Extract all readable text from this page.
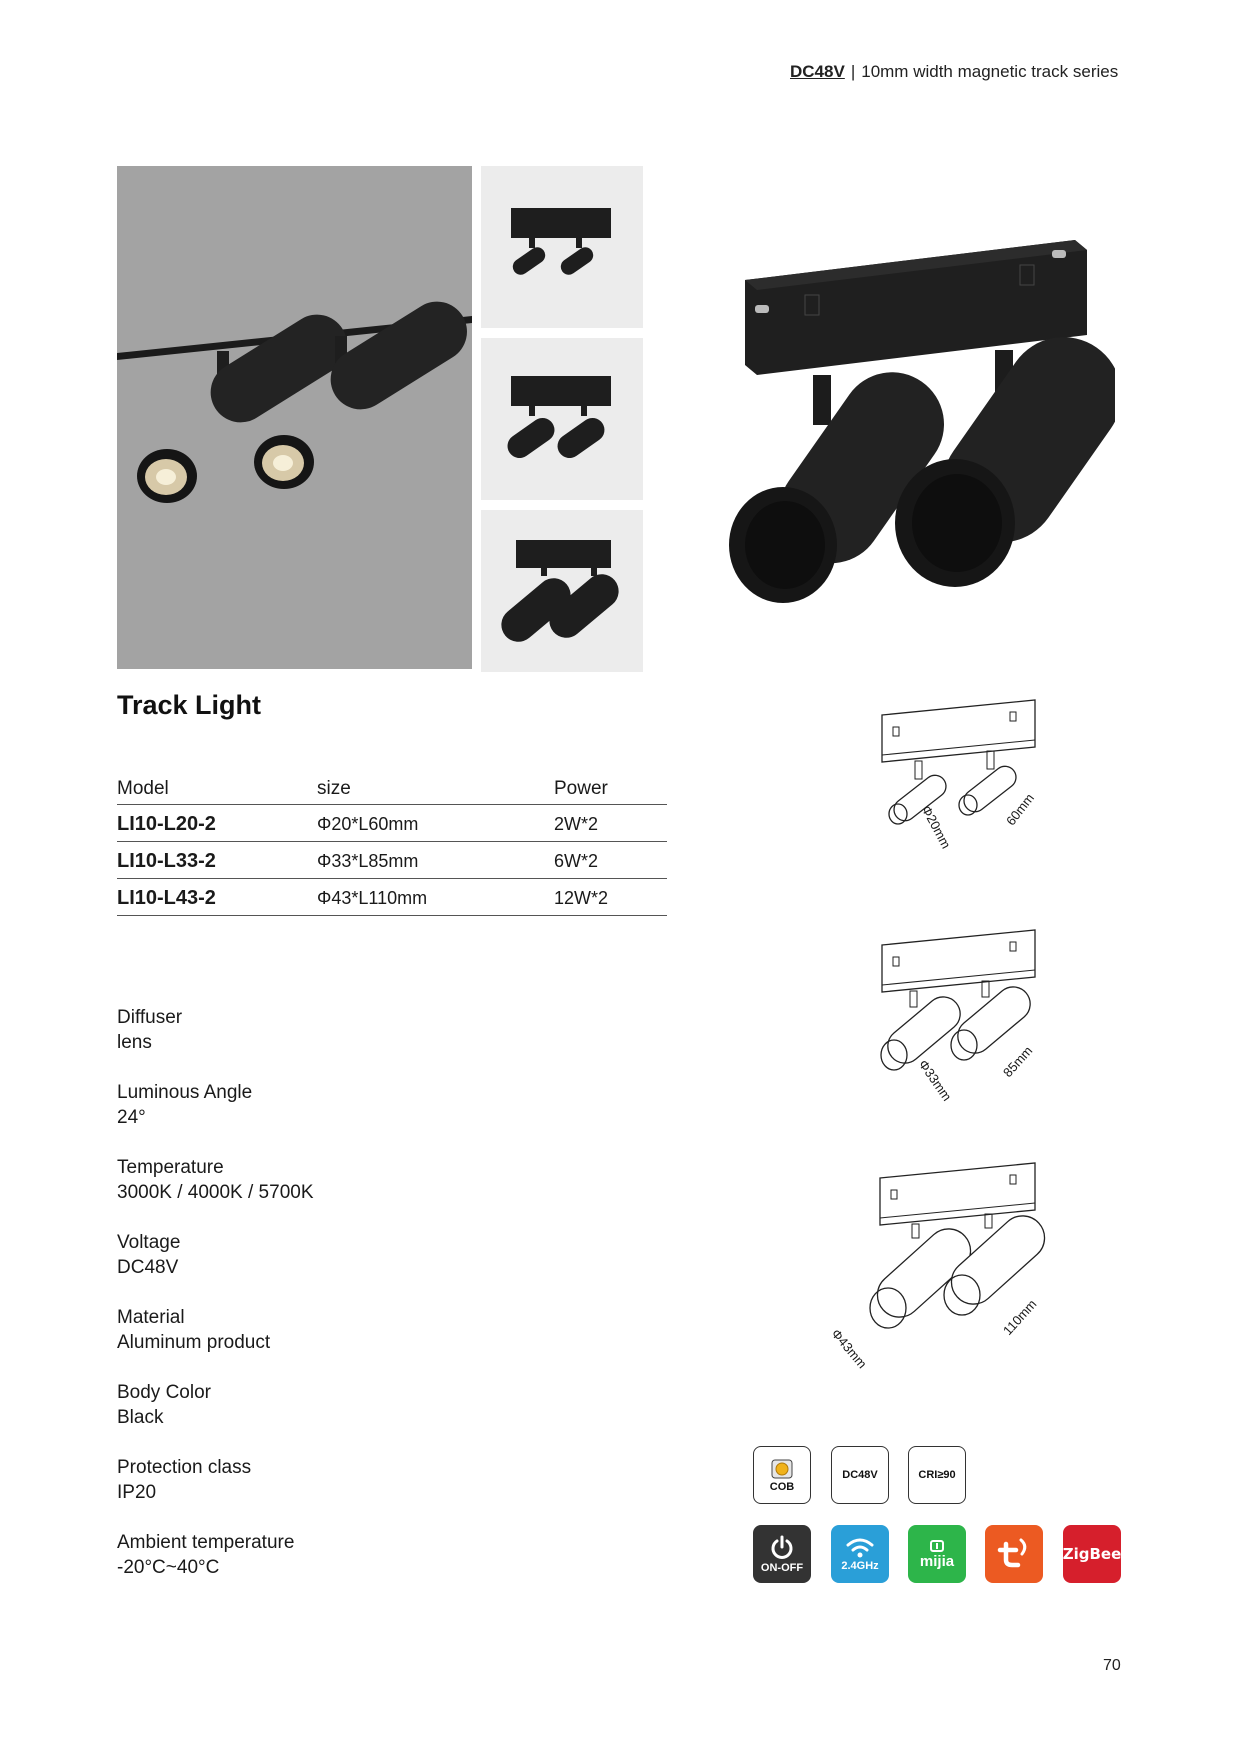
DC48V | 10mm width magnetic track series
Track Light
Model	size	Power
LI10-L20-2	Φ20*L60mm	2W*2
LI10-L33-2	Φ33*L85mm	6W*2
LI10-L43-2	Φ43*L110mm	12W*2
Diffuser
lens
Luminous Angle
24°
Temperature
3000K / 4000K / 5700K
Voltage
DC48V
Material
Aluminum product
Body Color
Black
Protection class
IP20
Ambient temperature
-20°C~40°C
Φ20mm	60mm
Φ33mm	85mm
Φ43mm
110mm
COB
DC48V	CRI≥90
ON-OFF	2.4GHz	mijia	ZigBee
70
